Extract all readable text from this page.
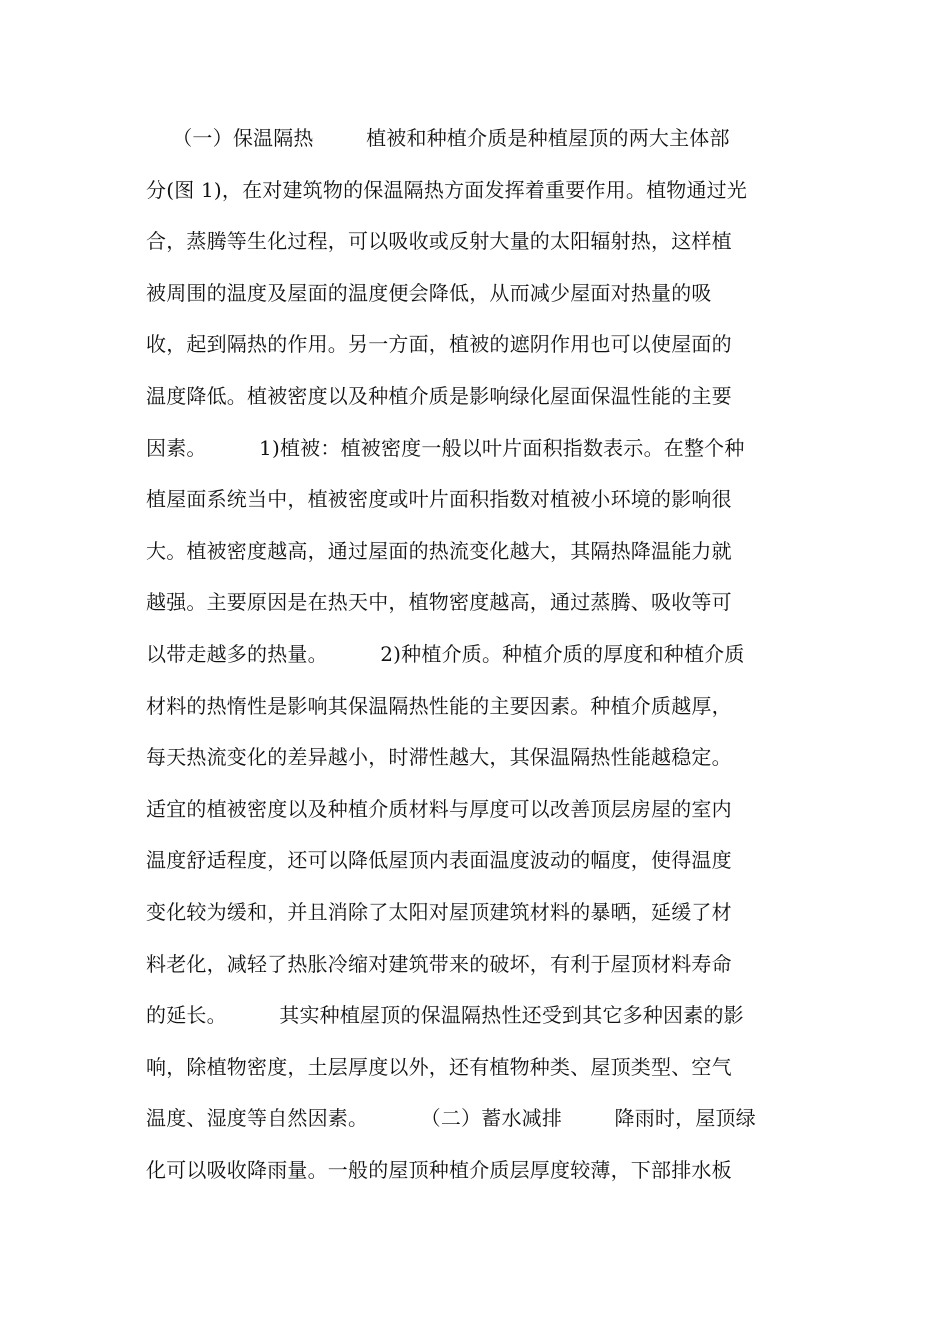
（一）保温隔热        植被和种植介质是种植屋顶的两大主体部
分(图 1)，在对建筑物的保温隔热方面发挥着重要作用。植物通过光
合，蒸腾等生化过程，可以吸收或反射大量的太阳辐射热，这样植
被周围的温度及屋面的温度便会降低，从而减少屋面对热量的吸
收，起到隔热的作用。另一方面，植被的遮阴作用也可以使屋面的
温度降低。植被密度以及种植介质是影响绿化屋面保温性能的主要
因素。        1)植被：植被密度一般以叶片面积指数表示。在整个种
植屋面系统当中，植被密度或叶片面积指数对植被小环境的影响很
大。植被密度越高，通过屋面的热流变化越大，其隔热降温能力就
越强。主要原因是在热天中，植物密度越高，通过蒸腾、吸收等可
以带走越多的热量。        2)种植介质。种植介质的厚度和种植介质
材料的热惰性是影响其保温隔热性能的主要因素。种植介质越厚，
每天热流变化的差异越小，时滞性越大，其保温隔热性能越稳定。
适宜的植被密度以及种植介质材料与厚度可以改善顶层房屋的室内
温度舒适程度，还可以降低屋顶内表面温度波动的幅度，使得温度
变化较为缓和，并且消除了太阳对屋顶建筑材料的暴晒，延缓了材
料老化，减轻了热胀冷缩对建筑带来的破坏，有利于屋顶材料寿命
的延长。        其实种植屋顶的保温隔热性还受到其它多种因素的影
响，除植物密度，土层厚度以外，还有植物种类、屋顶类型、空气
温度、湿度等自然因素。        （二）蓄水减排        降雨时，屋顶绿
化可以吸收降雨量。一般的屋顶种植介质层厚度较薄，下部排水板
